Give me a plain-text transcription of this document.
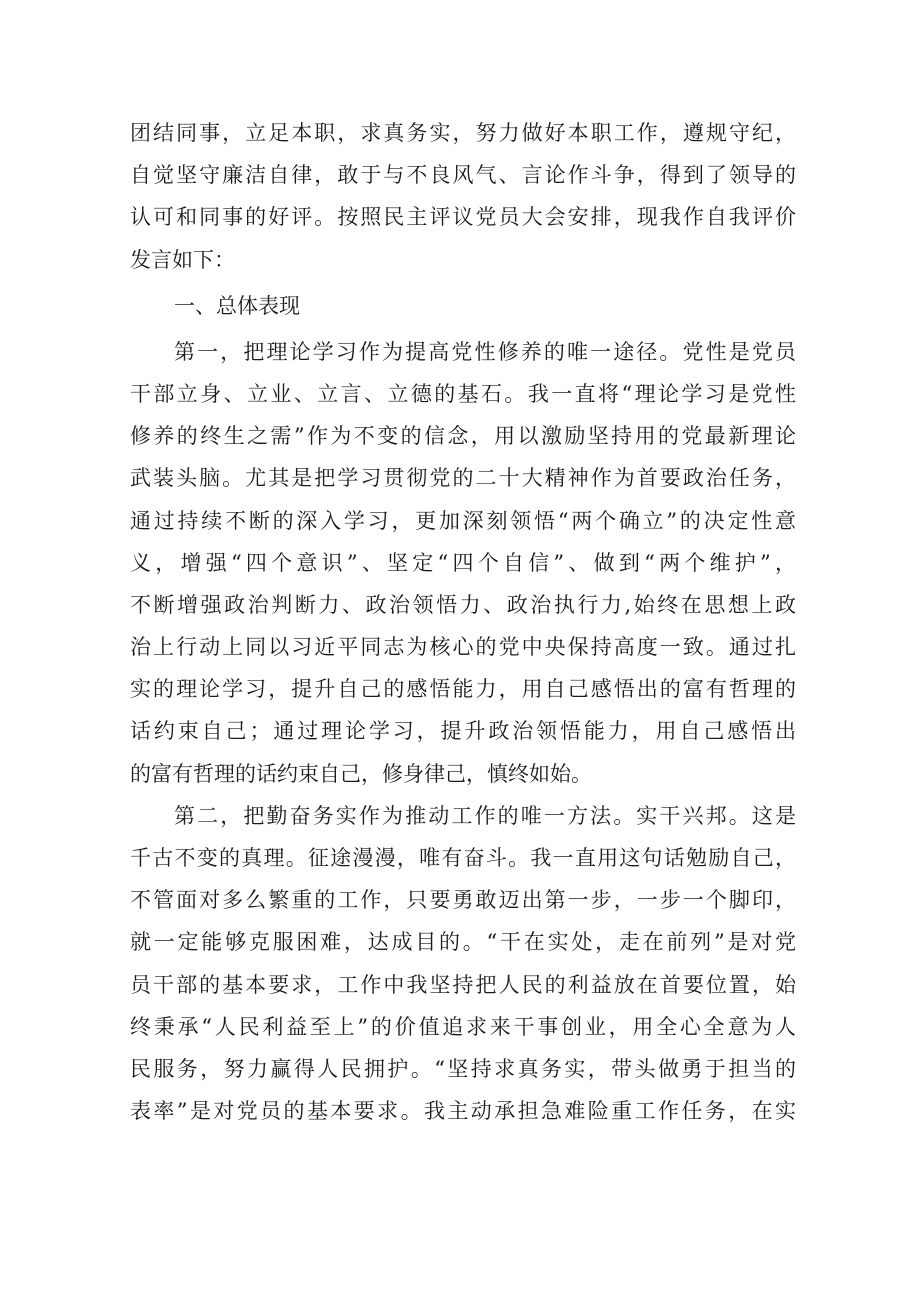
团结同事，立足本职，求真务实，努力做好本职工作，遵规守纪，
自觉坚守廉洁自律，敢于与不良风气、言论作斗争，得到了领导的
认可和同事的好评。按照民主评议党员大会安排，现我作自我评价
发言如下：
一、总体表现
第一，把理论学习作为提高党性修养的唯一途径。党性是党员
干部立身、立业、立言、立德的基石。我一直将“理论学习是党性
修养的终生之需”作为不变的信念，用以激励坚持用的党最新理论
武装头脑。尤其是把学习贯彻党的二十大精神作为首要政治任务，
通过持续不断的深入学习，更加深刻领悟“两个确立”的决定性意
义，增强“四个意识”、坚定“四个自信”、做到“两个维护”，
不断增强政治判断力、政治领悟力、政治执行力,始终在思想上政
治上行动上同以习近平同志为核心的党中央保持高度一致。通过扎
实的理论学习，提升自己的感悟能力，用自己感悟出的富有哲理的
话约束自己；通过理论学习，提升政治领悟能力，用自己感悟出
的富有哲理的话约束自己，修身律己，慎终如始。
第二，把勤奋务实作为推动工作的唯一方法。实干兴邦。这是
千古不变的真理。征途漫漫，唯有奋斗。我一直用这句话勉励自己，
不管面对多么繁重的工作，只要勇敢迈出第一步，一步一个脚印，
就一定能够克服困难，达成目的。“干在实处，走在前列”是对党
员干部的基本要求，工作中我坚持把人民的利益放在首要位置，始
终秉承“人民利益至上”的价值追求来干事创业，用全心全意为人
民服务，努力赢得人民拥护。“坚持求真务实，带头做勇于担当的
表率”是对党员的基本要求。我主动承担急难险重工作任务，在实
